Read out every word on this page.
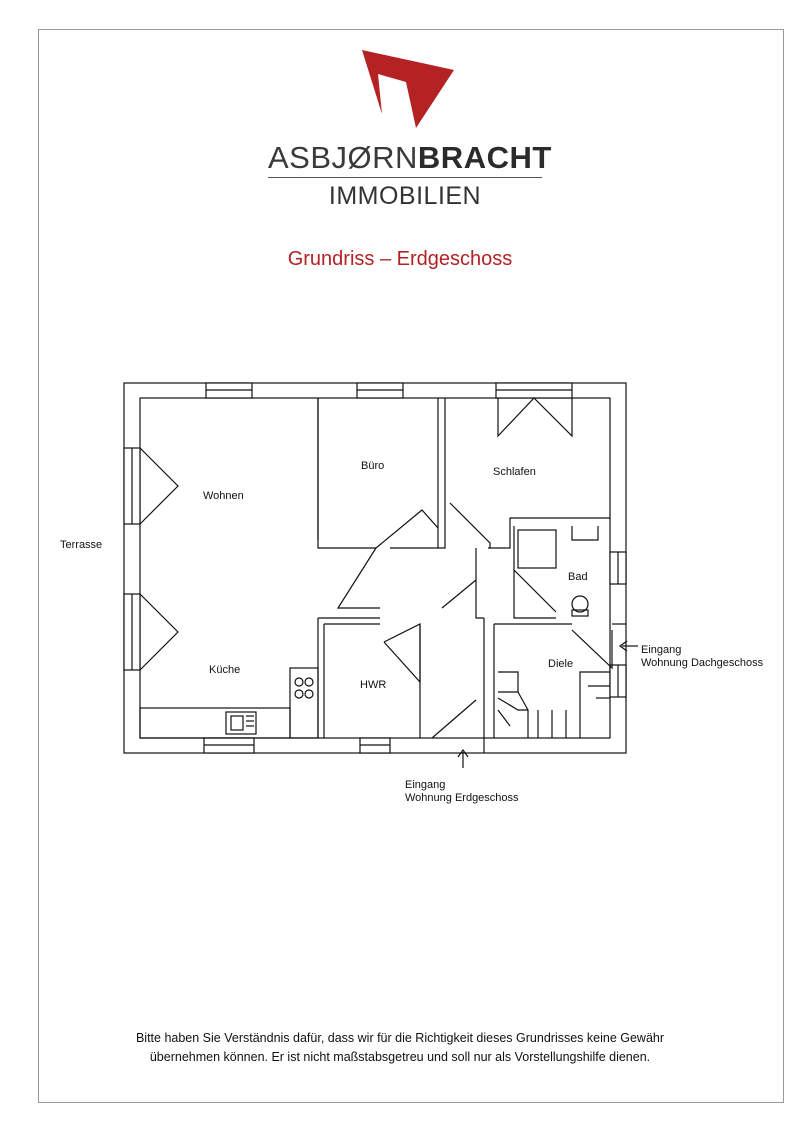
ASBJØRNBRACHT
IMMOBILIEN
Grundriss – Erdgeschoss
Wohnen
Küche
Büro	Schlafen
Bad
HWR
Diele
Terrasse
Eingang
Wohnung Dachgeschoss
Eingang
Wohnung Erdgeschoss
Bitte haben Sie Verständnis dafür, dass wir für die Richtigkeit dieses Grundrisses keine Gewähr
übernehmen können. Er ist nicht maßstabsgetreu und soll nur als Vorstellungshilfe dienen.
